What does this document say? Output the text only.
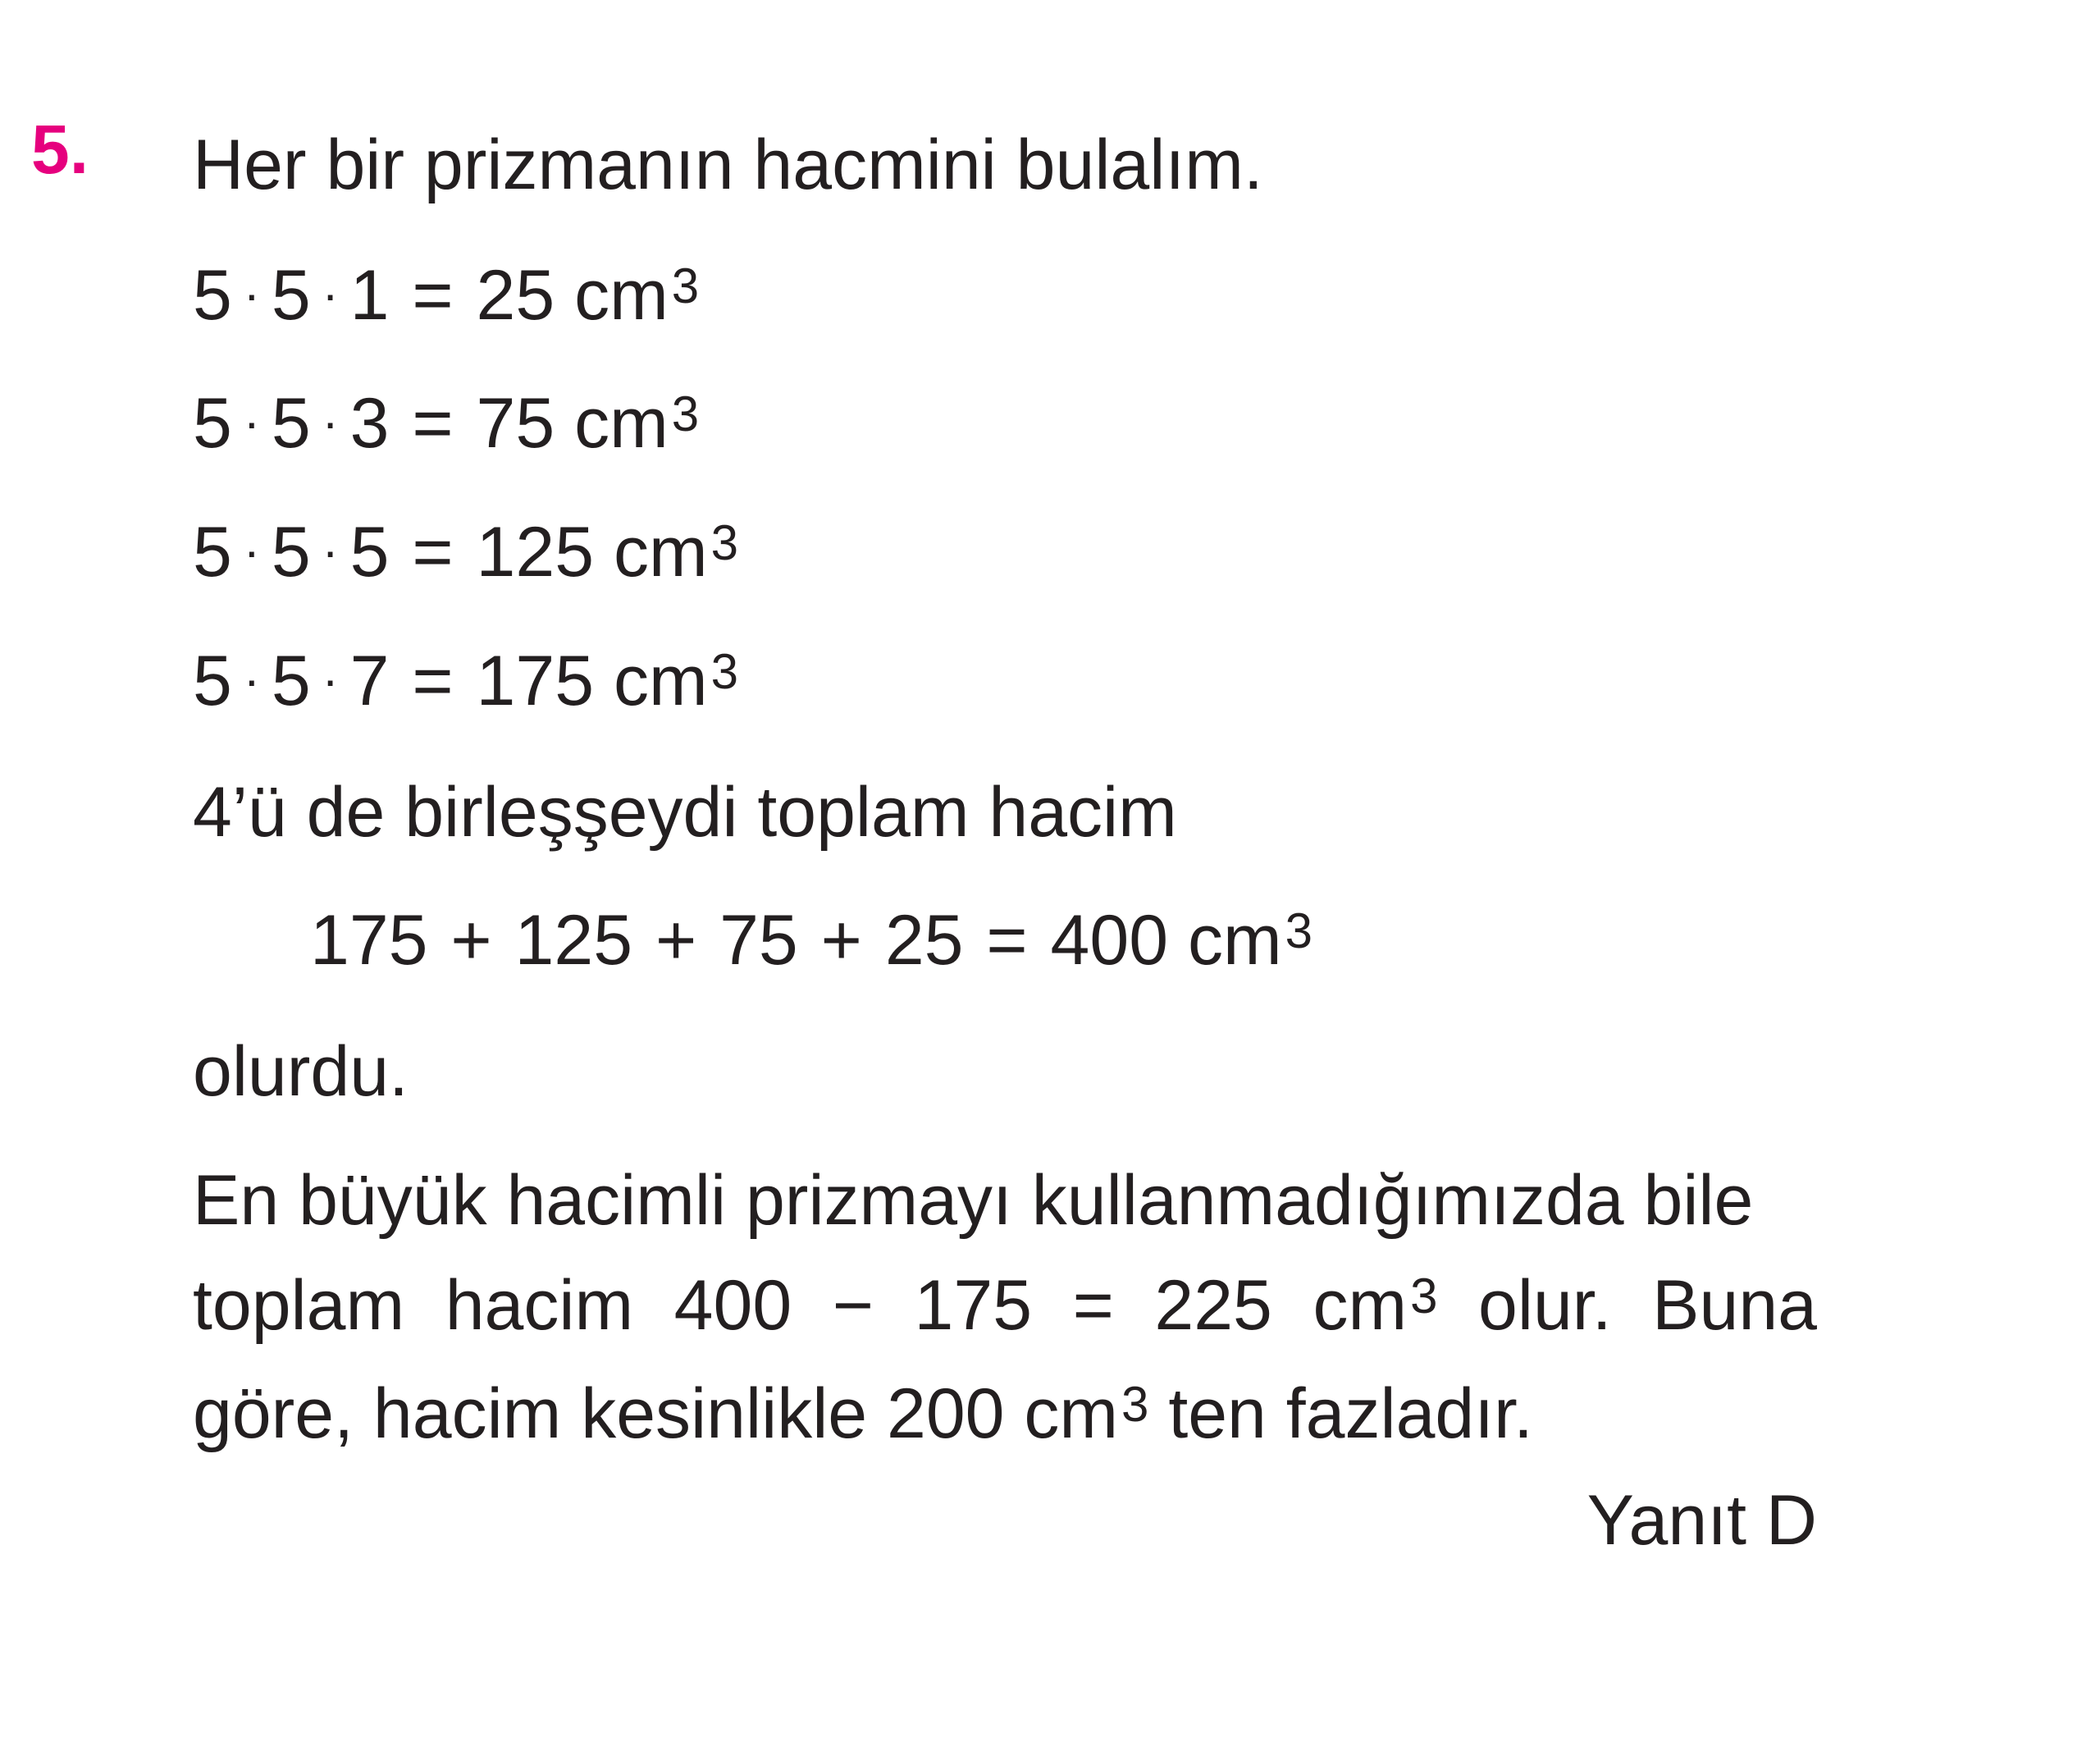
5. Her bir prizmanın hacmini bulalım.
5 · 5 · 1 = 25 $cm^3$
5 · 5 · 3 = 75 $cm^3$
5 · 5 · 5 = 125 $cm^3$
5 · 5 · 7 = 175 $cm^3$
4’ü de birleşşeydi toplam hacim
175 + 125 + 75 + 25 = 400 $cm^3$
olurdu.
En büyük hacimli prizmayı kullanmadığımızda bile
toplam hacim 400 − 175 = 225 $cm^3$ olur. Buna
göre, hacim kesinlikle 200 $cm^3$ ten fazladır.
Yanıt D
